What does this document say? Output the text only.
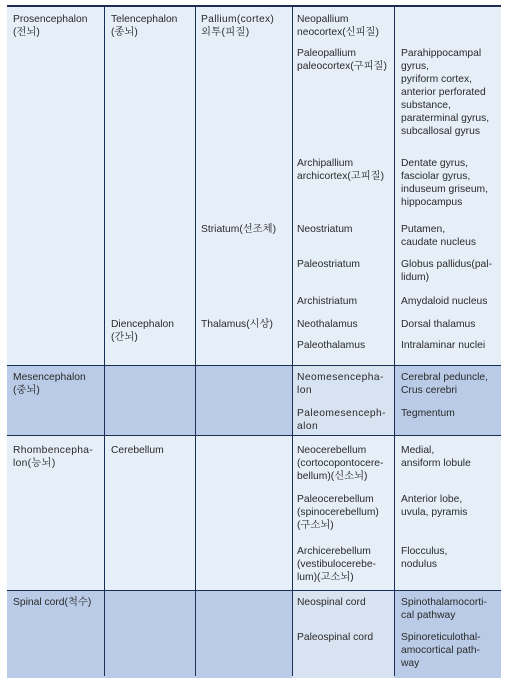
Prosencephalon
(전뇌)
Mesencephalon
(중뇌)
Rhombencepha-
lon(능뇌)
Spinal cord(척수)
Telencephalon
(종뇌)
Diencephalon
(간뇌)
Cerebellum
Pallium(cortex)
외투(피질)
Striatum(선조체)
Thalamus(시상)
Neopallium
neocortex(신피질)
Paleopallium
paleocortex(구피질)
Archipallium
archicortex(고피질)
Neostriatum
Paleostriatum
Archistriatum
Neothalamus
Paleothalamus
Neomesencepha-
lon
Paleomesenceph-
alon
Neocerebellum
(cortocopontocere-
bellum)(신소뇌)
Paleocerebellum
(spinocerebellum)
(구소뇌)
Archicerebellum
(vestibulocerebe-
lum)(고소뇌)
Neospinal cord
Paleospinal cord
Parahippocampal
gyrus,
pyriform cortex,
anterior perforated
substance,
paraterminal gyrus,
subcallosal gyrus
Dentate gyrus,
fasciolar gyrus,
induseum griseum,
hippocampus
Putamen,
caudate nucleus
Globus pallidus(pal-
lidum)
Amydaloid nucleus
Dorsal thalamus
Intralaminar nuclei
Cerebral peduncle,
Crus cerebri
Tegmentum
Medial,
ansiform lobule
Anterior lobe,
uvula, pyramis
Flocculus,
nodulus
Spinothalamocorti-
cal pathway
Spinoreticulothal-
amocortical path-
way
